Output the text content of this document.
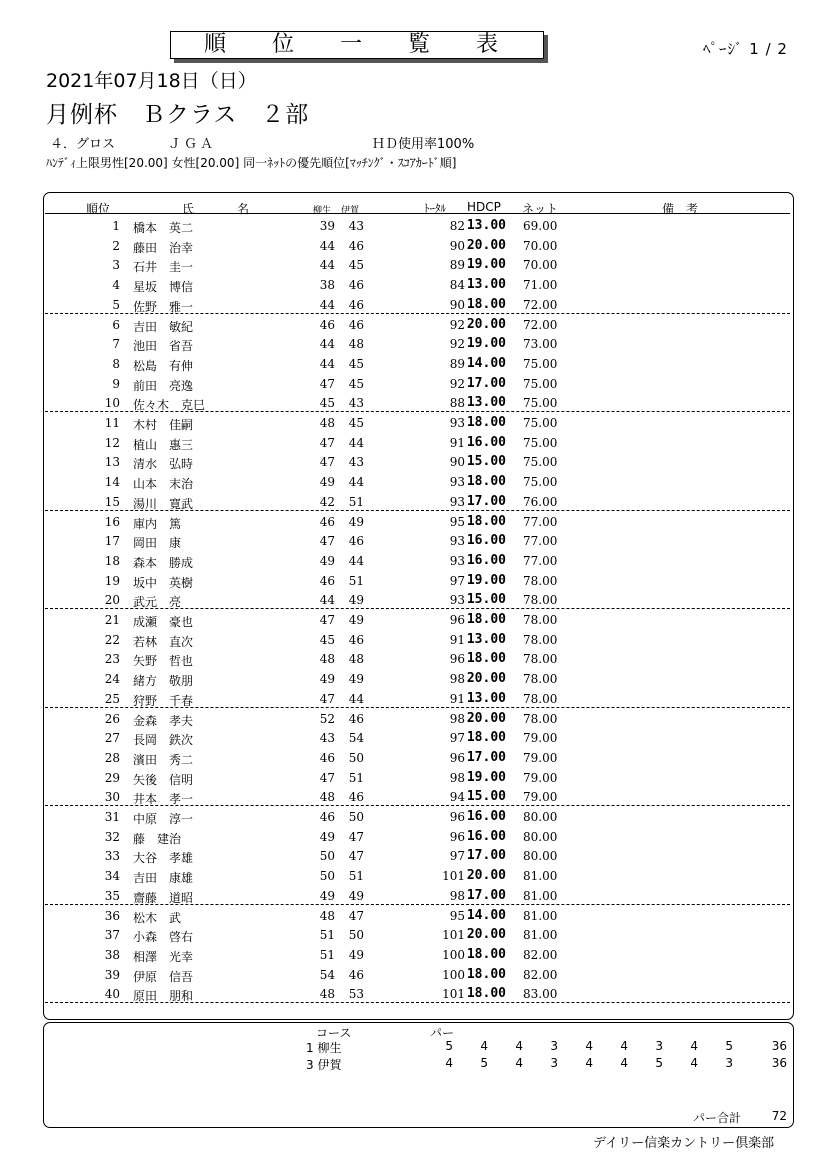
順　位　一　覧　表	ﾍﾟｰｼﾞ 1 / 2
2021年07月18日（日）
月例杯　Ｂクラス　２部
４．グロス	ＪＧＡ	ＨＤ使用率100%
ﾊﾝﾃﾞｨ上限男性[20.00] 女性[20.00] 同一ﾈｯﾄの優先順位[ﾏｯﾁﾝｸﾞ・ｽｺｱｶｰﾄﾞ順]
順位	氏	名	柳生 伊賀	ﾄｰﾀﾙ HDCP ネット	備　考
1 橋本　英二	39 43	82 13.00 69.00
2 藤田　治幸	44 46	90 20.00 70.00
3 石井　圭一	44 45	89 19.00 70.00
4 星坂　博信	38 46	84 13.00 71.00
5 佐野　雅一	44 46	90 18.00 72.00
6 吉田　敏紀	46 46	92 20.00 72.00
7 池田　省吾	44 48	92 19.00 73.00
8 松島　有伸	44 45	89 14.00 75.00
9 前田　亮逸	47 45	92 17.00 75.00
10 佐々木　克巳	45 43	88 13.00 75.00
11 木村　佳嗣	48 45	93 18.00 75.00
12 植山　惠三	47 44	91 16.00 75.00
13 清水　弘時	47 43	90 15.00 75.00
14 山本　末治	49 44	93 18.00 75.00
15 湯川　寛武	42 51	93 17.00 76.00
16 庫内　篤	46 49	95 18.00 77.00
17 岡田　康	47 46	93 16.00 77.00
18 森本　勝成	49 44	93 16.00 77.00
19 坂中　英樹	46 51	97 19.00 78.00
20 武元　亮	44 49	93 15.00 78.00
21 成瀬　豪也	47 49	96 18.00 78.00
22 若林　直次	45 46	91 13.00 78.00
23 矢野　哲也	48 48	96 18.00 78.00
24 緒方　敬朋	49 49	98 20.00 78.00
25 狩野　千春	47 44	91 13.00 78.00
26 金森　孝夫	52 46	98 20.00 78.00
27 長岡　鉄次	43 54	97 18.00 79.00
28 濱田　秀二	46 50	96 17.00 79.00
29 矢後　信明	47 51	98 19.00 79.00
30 井本　孝一	48 46	94 15.00 79.00
31 中原　淳一	46 50	96 16.00 80.00
32 藤　建治	49 47	96 16.00 80.00
33 大谷　孝雄	50 47	97 17.00 80.00
34 吉田　康雄	50 51	101 20.00 81.00
35 齋藤　道昭	49 49	98 17.00 81.00
36 松木　武	48 47	95 14.00 81.00
37 小森　啓右	51 50	101 20.00 81.00
38 相澤　光幸	51 49	100 18.00 82.00
39 伊原　信吾	54 46	100 18.00 82.00
40 原田　朋和	48 53	101 18.00 83.00
コース	パー
1 柳生	5	4	4	3	4	4	3	4	5	36
3 伊賀	4	5	4	3	4	4	5	4	3	36
パー合計	72
デイリー信楽カントリー倶楽部
